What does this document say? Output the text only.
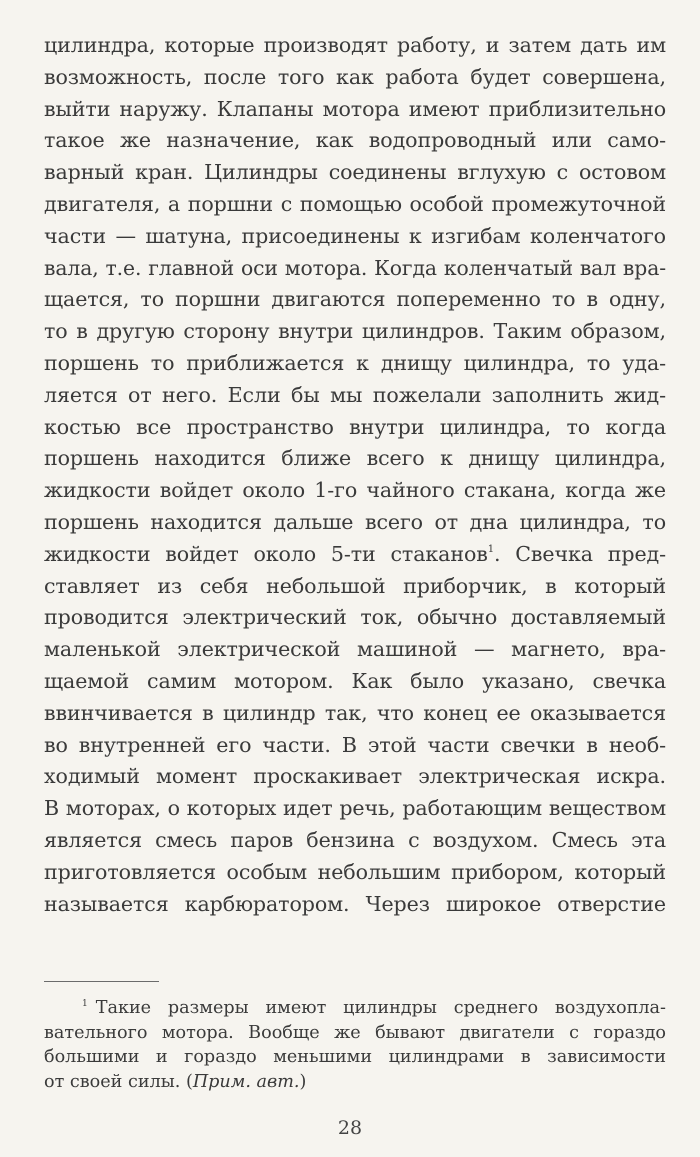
цилиндра, которые производят работу, и затем дать им
возможность, после того как работа будет совершена,
выйти наружу. Клапаны мотора имеют приблизительно
такое же назначение, как водопроводный или само-
варный кран. Цилиндры соединены вглухую с остовом
двигателя, а поршни с помощью особой промежуточной
части — шатуна, присоединены к изгибам коленчатого
вала, т.е. главной оси мотора. Когда коленчатый вал вра-
щается, то поршни двигаются попеременно то в одну,
то в другую сторону внутри цилиндров. Таким образом,
поршень то приближается к днищу цилиндра, то уда-
ляется от него. Если бы мы пожелали заполнить жид-
костью все пространство внутри цилиндра, то когда
поршень находится ближе всего к днищу цилиндра,
жидкости войдет около 1-го чайного стакана, когда же
поршень находится дальше всего от дна цилиндра, то
жидкости войдет около 5-ти стаканов$^1$. Свечка пред-
ставляет из себя небольшой приборчик, в который
проводится электрический ток, обычно доставляемый
маленькой электрической машиной — магнето, вра-
щаемой самим мотором. Как было указано, свечка
ввинчивается в цилиндр так, что конец ее оказывается
во внутренней его части. В этой части свечки в необ-
ходимый момент проскакивает электрическая искра.
В моторах, о которых идет речь, работающим веществом
является смесь паров бензина с воздухом. Смесь эта
приготовляется особым небольшим прибором, который
называется карбюратором. Через широкое отверстие
$^1$ Такие размеры имеют цилиндры среднего воздухопла-
вательного мотора. Вообще же бывают двигатели с гораздо
большими и гораздо меньшими цилиндрами в зависимости
от своей силы. (Прим. авт.)
28
